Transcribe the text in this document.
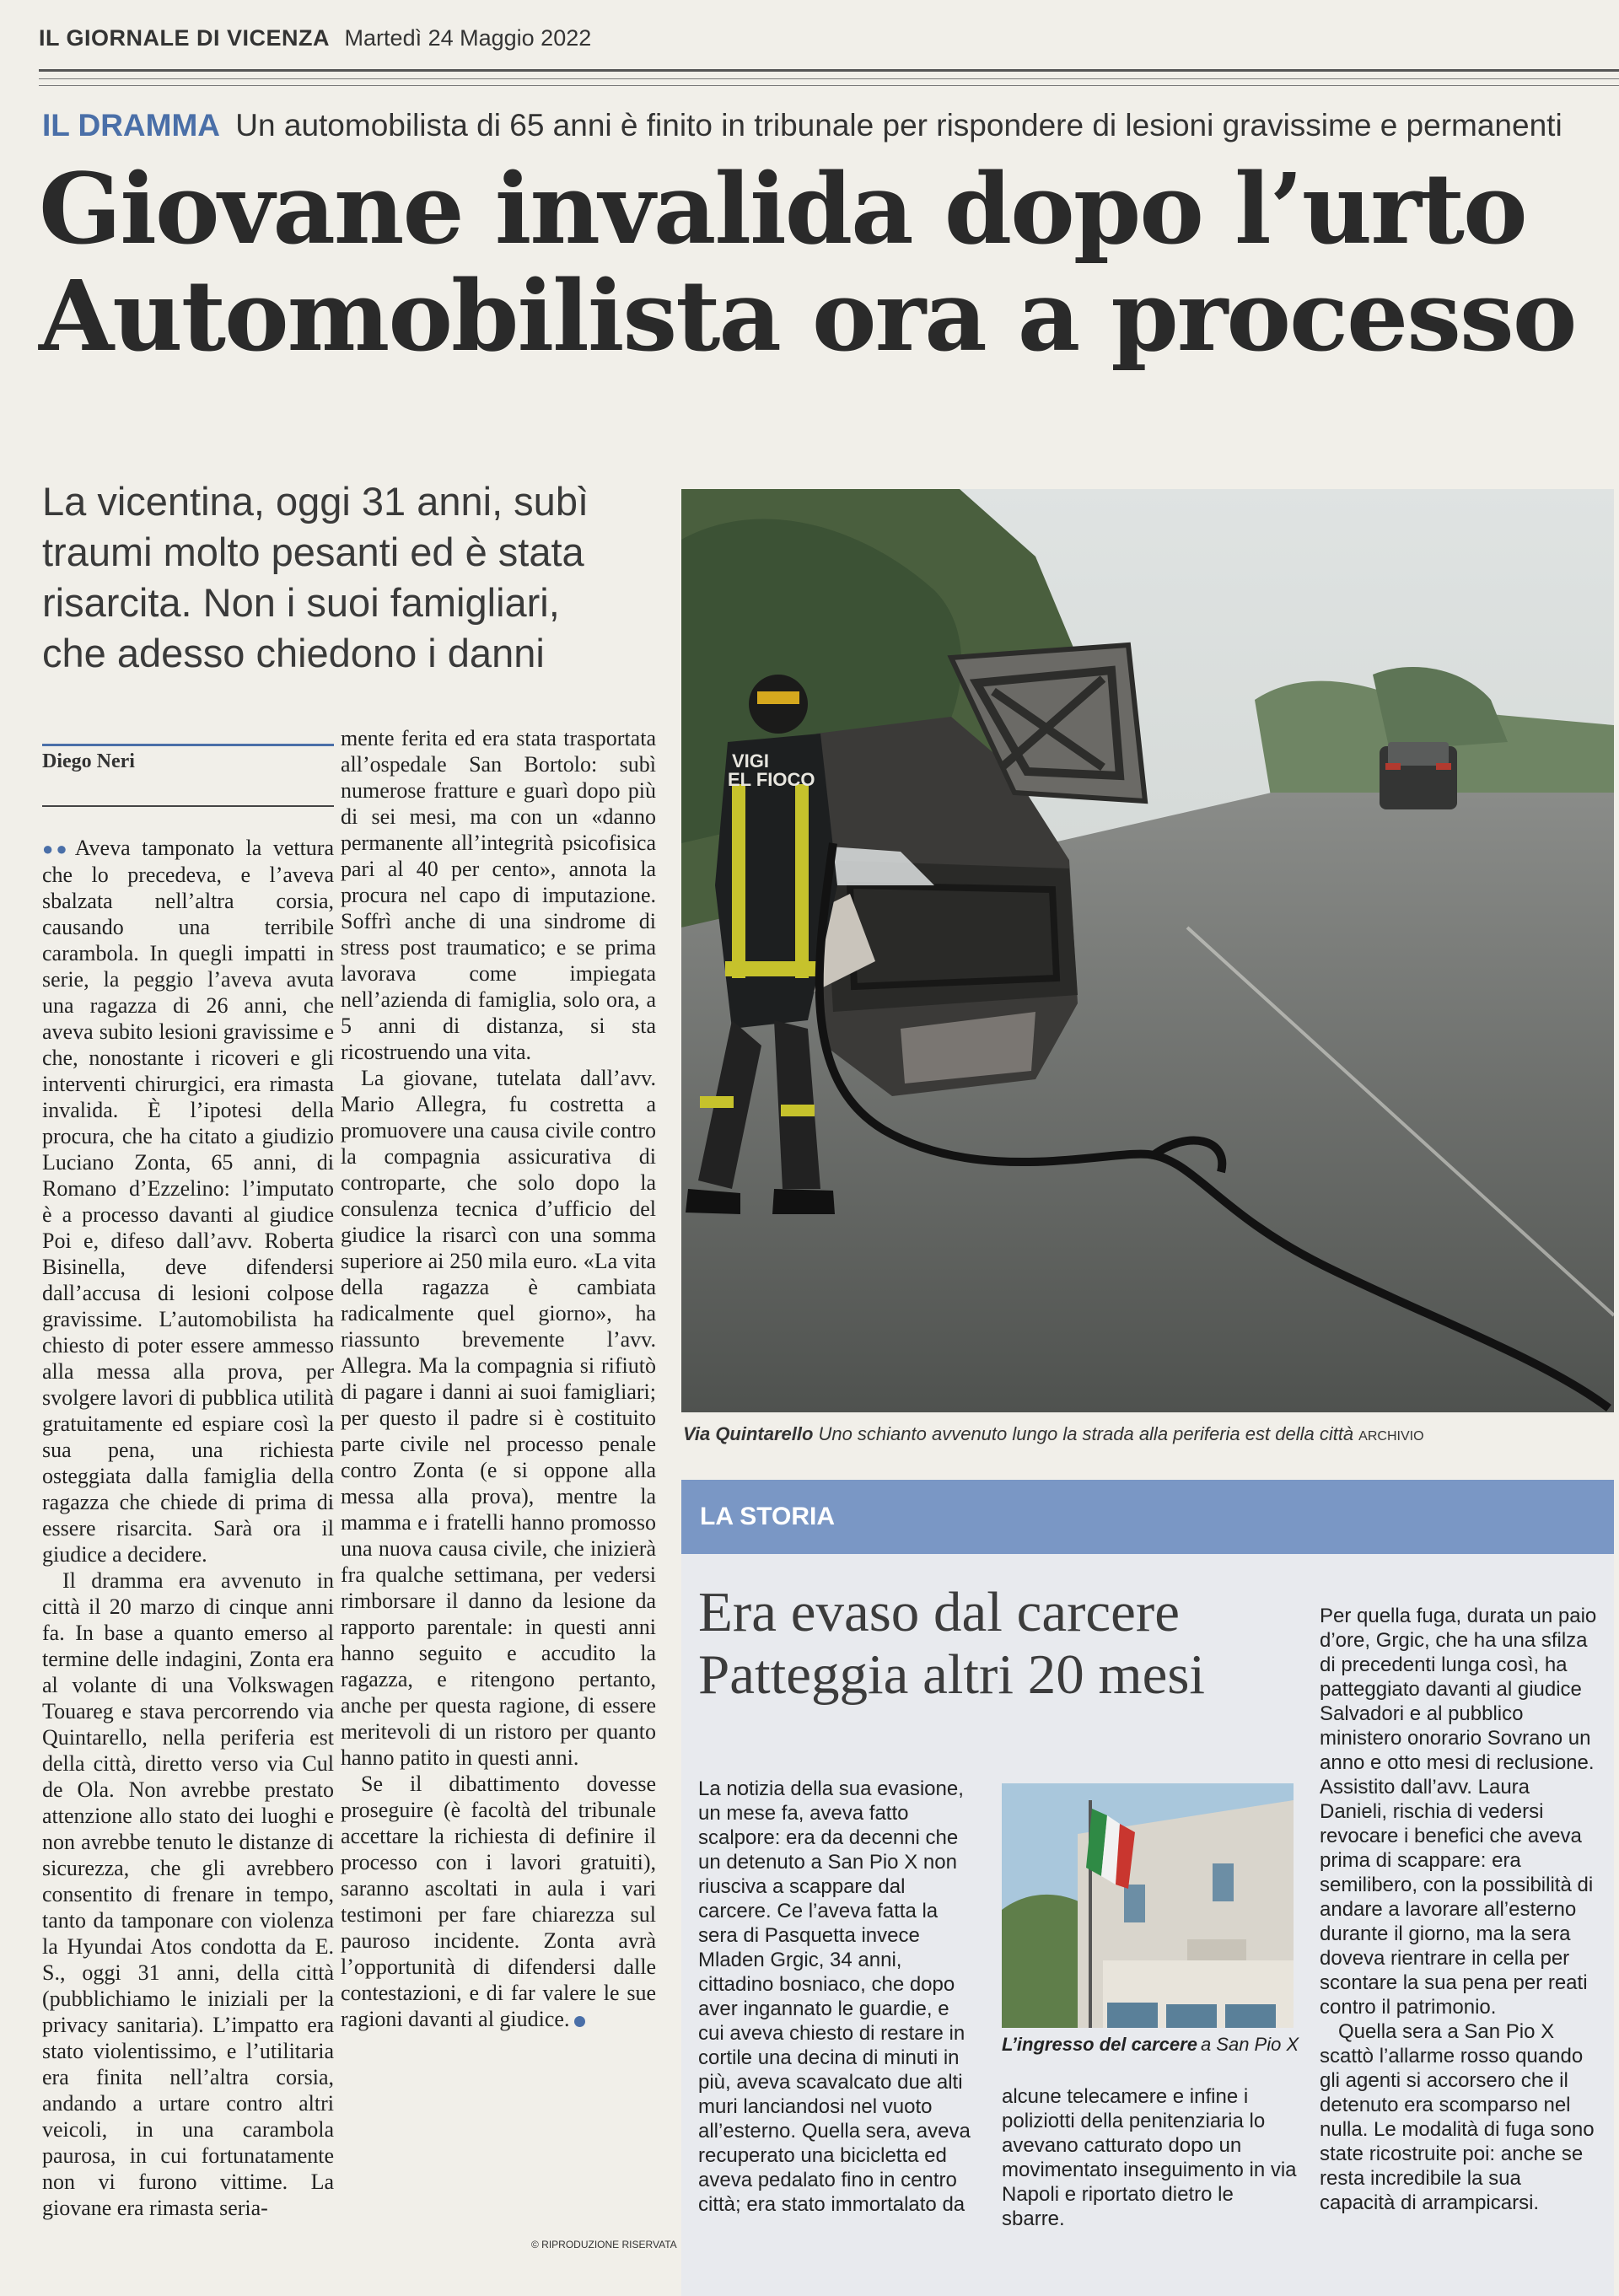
IL GIORNALE DI VICENZA Martedì 24 Maggio 2022
IL DRAMMA Un automobilista di 65 anni è finito in tribunale per rispondere di lesioni gravissime e permanenti
Giovane invalida dopo l’urto
Automobilista ora a processo
La vicentina, oggi 31 anni, subì traumi molto pesanti ed è stata risarcita. Non i suoi famigliari, che adesso chiedono i danni
Diego Neri

●● Aveva tamponato la vettura che lo precedeva, e l’aveva sbalzata nell’altra corsia, causando una terribile carambola. In quegli impatti in serie, la peggio l’aveva avuta una ragazza di 26 anni, che aveva subito lesioni gravissime e che, nonostante i ricoveri e gli interventi chirurgici, era rimasta invalida. È l’ipotesi della procura, che ha citato a giudizio Luciano Zonta, 65 anni, di Romano d’Ezzelino: l’imputato è a processo davanti al giudice Poi e, difeso dall’avv. Roberta Bisinella, deve difendersi dall’accusa di lesioni colpose gravissime. L’automobilista ha chiesto di poter essere ammesso alla messa alla prova, per svolgere lavori di pubblica utilità gratuitamente ed espiare così la sua pena, una richiesta osteggiata dalla famiglia della ragazza che chiede di prima di essere risarcita. Sarà ora il giudice a decidere.

Il dramma era avvenuto in città il 20 marzo di cinque anni fa. In base a quanto emerso al termine delle indagini, Zonta era al volante di una Volkswagen Touareg e stava percorrendo via Quintarello, nella periferia est della città, diretto verso via Cul de Ola. Non avrebbe prestato attenzione allo stato dei luoghi e non avrebbe tenuto le distanze di sicurezza, che gli avrebbero consentito di frenare in tempo, tanto da tamponare con violenza la Hyundai Atos condotta da E. S., oggi 31 anni, della città (pubblichiamo le iniziali per la privacy sanitaria). L’impatto era stato violentissimo, e l’utilitaria era finita nell’altra corsia, andando a urtare contro altri veicoli, in una carambola paurosa, in cui fortunatamente non vi furono vittime. La giovane era rimasta seria-

mente ferita ed era stata trasportata all’ospedale San Bortolo: subì numerose fratture e guarì dopo più di sei mesi, ma con un «danno permanente all’integrità psicofisica pari al 40 per cento», annota la procura nel capo di imputazione. Soffrì anche di una sindrome di stress post traumatico; e se prima lavorava come impiegata nell’azienda di famiglia, solo ora, a 5 anni di distanza, si sta ricostruendo una vita.

La giovane, tutelata dall’avv. Mario Allegra, fu costretta a promuovere una causa civile contro la compagnia assicurativa di controparte, che solo dopo la consulenza tecnica d’ufficio del giudice la risarcì con una somma superiore ai 250 mila euro. «La vita della ragazza è cambiata radicalmente quel giorno», ha riassunto brevemente l’avv. Allegra. Ma la compagnia si rifiutò di pagare i danni ai suoi famigliari; per questo il padre si è costituito parte civile nel processo penale contro Zonta (e si oppone alla messa alla prova), mentre la mamma e i fratelli hanno promosso una nuova causa civile, che inizierà fra qualche settimana, per vedersi rimborsare il danno da lesione da rapporto parentale: in questi anni hanno seguito e accudito la ragazza, e ritengono pertanto, anche per questa ragione, di essere meritevoli di un ristoro per quanto hanno patito in questi anni.

Se il dibattimento dovesse proseguire (è facoltà del tribunale accettare la richiesta di definire il processo con i lavori gratuiti), saranno ascoltati in aula i vari testimoni per fare chiarezza sul pauroso incidente. Zonta avrà l’opportunità di difendersi dalle contestazioni, e di far valere le sue ragioni davanti al giudice.

© RIPRODUZIONE RISERVATA
VIGI
EL FIOCO
Via Quintarello Uno schianto avvenuto lungo la strada alla periferia est della città ARCHIVIO
LA STORIA
Era evaso dal carcere
Patteggia altri 20 mesi
La notizia della sua evasione, un mese fa, aveva fatto scalpore: era da decenni che un detenuto a San Pio X non riusciva a scappare dal carcere. Ce l’aveva fatta la sera di Pasquetta invece Mladen Grgic, 34 anni, cittadino bosniaco, che dopo aver ingannato le guardie, e cui aveva chiesto di restare in cortile una decina di minuti in più, aveva scavalcato due alti muri lanciandosi nel vuoto all’esterno. Quella sera, aveva recuperato una bicicletta ed aveva pedalato fino in centro città; era stato immortalato da
L’ingresso del carcere a San Pio X
alcune telecamere e infine i poliziotti della penitenziaria lo avevano catturato dopo un movimentato inseguimento in via Napoli e riportato dietro le sbarre.

Per quella fuga, durata un paio d’ore, Grgic, che ha una sfilza di precedenti lunga così, ha patteggiato davanti al giudice Salvadori e al pubblico ministero onorario Sovrano un anno e otto mesi di reclusione. Assistito dall’avv. Laura Danieli, rischia di vedersi revocare i benefici che aveva prima di scappare: era semilibero, con la possibilità di andare a lavorare all’esterno durante il giorno, ma la sera doveva rientrare in cella per scontare la sua pena per reati contro il patrimonio.

Quella sera a San Pio X scattò l’allarme rosso quando gli agenti si accorsero che il detenuto era scomparso nel nulla. Le modalità di fuga sono state ricostruite poi: anche se resta incredibile la sua capacità di arrampicarsi.
